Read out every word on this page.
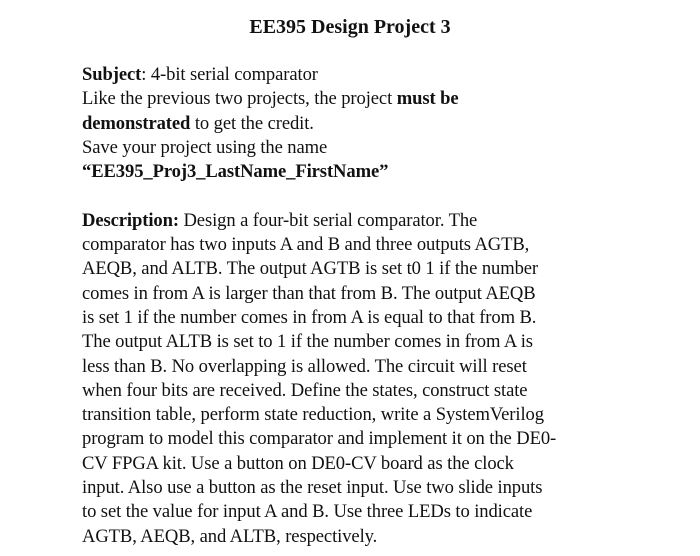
EE395 Design Project 3
Subject: 4-bit serial comparator
Like the previous two projects, the project must be
demonstrated to get the credit.
Save your project using the name
“EE395_Proj3_LastName_FirstName”
Description: Design a four-bit serial comparator. The
comparator has two inputs A and B and three outputs AGTB,
AEQB, and ALTB. The output AGTB is set t0 1 if the number
comes in from A is larger than that from B. The output AEQB
is set 1 if the number comes in from A is equal to that from B.
The output ALTB is set to 1 if the number comes in from A is
less than B. No overlapping is allowed. The circuit will reset
when four bits are received. Define the states, construct state
transition table, perform state reduction, write a SystemVerilog
program to model this comparator and implement it on the DE0-
CV FPGA kit. Use a button on DE0-CV board as the clock
input. Also use a button as the reset input. Use two slide inputs
to set the value for input A and B. Use three LEDs to indicate
AGTB, AEQB, and ALTB, respectively.
